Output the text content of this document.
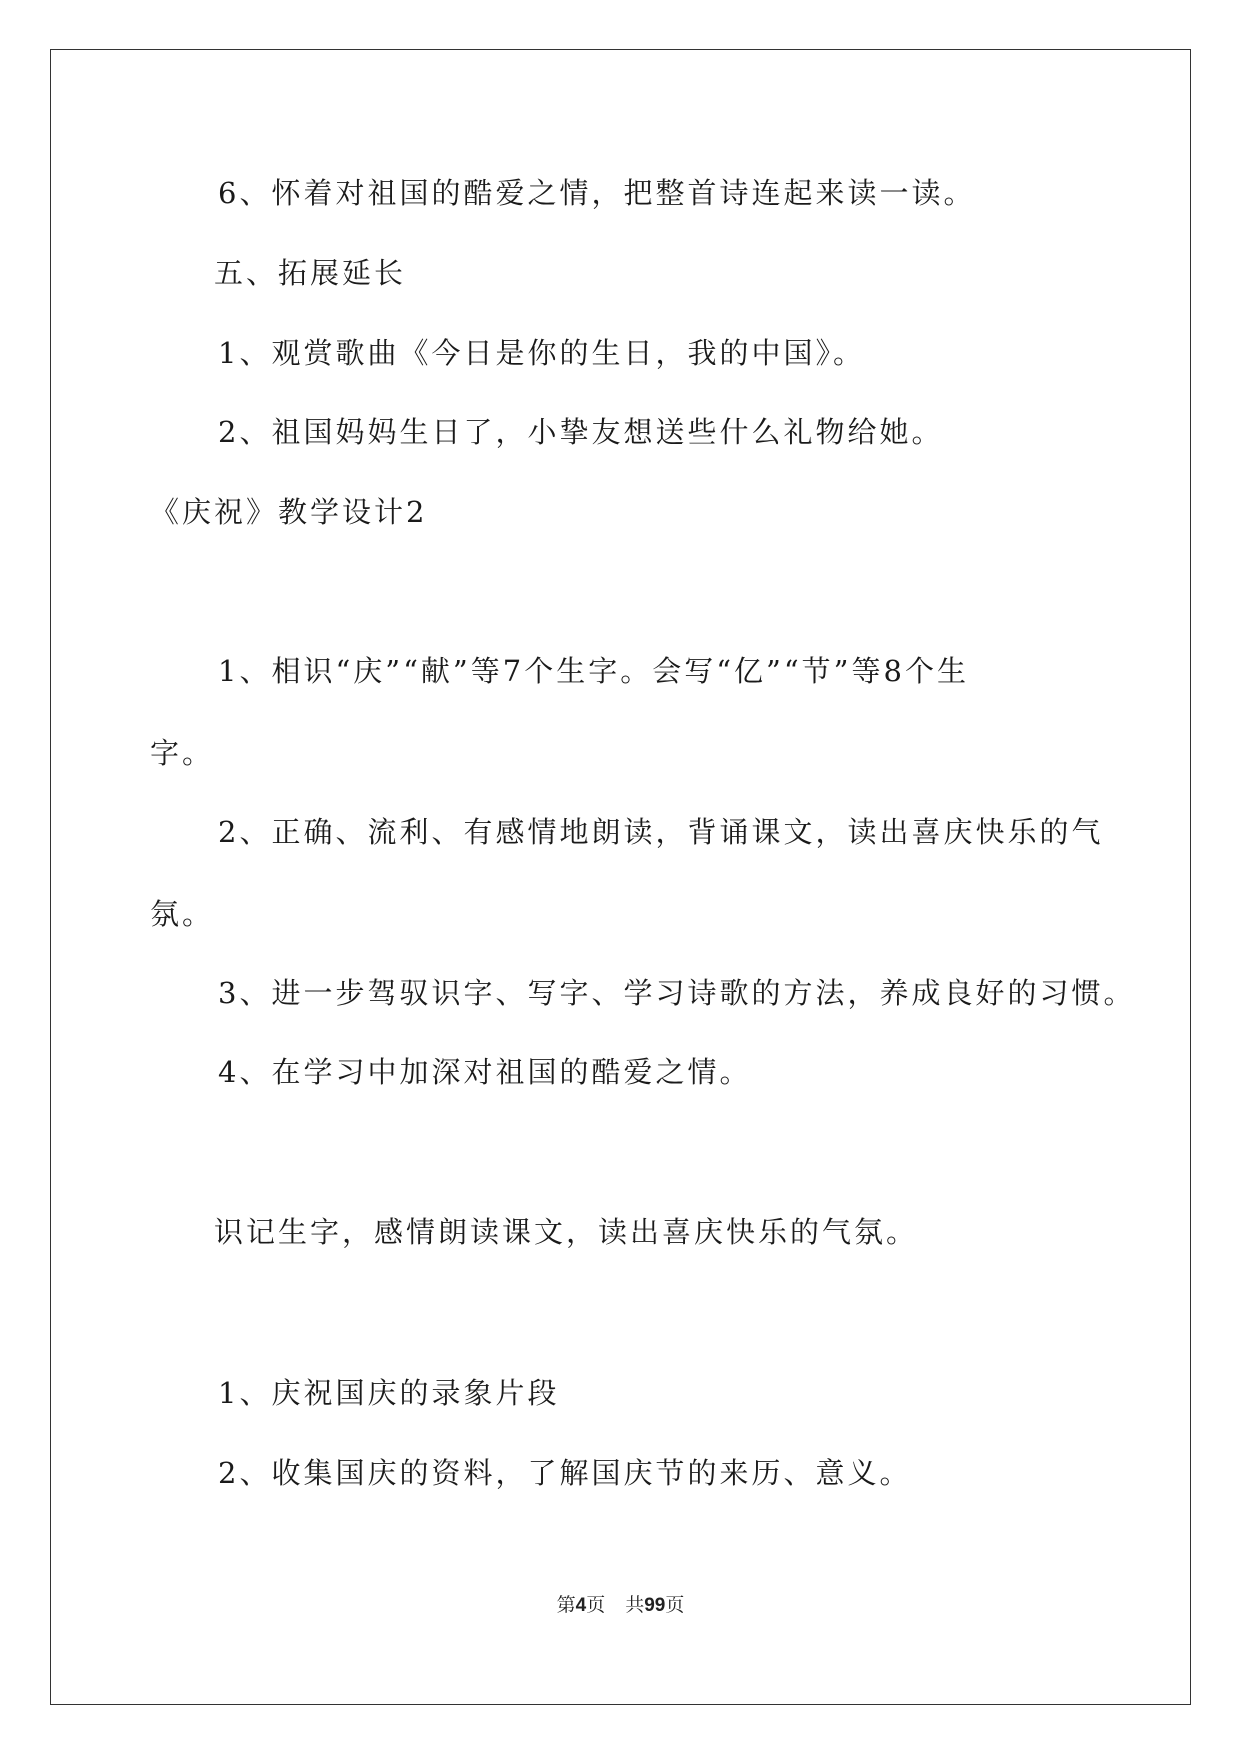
6、怀着对祖国的酷爱之情，把整首诗连起来读一读。
五、拓展延长
1、观赏歌曲《今日是你的生日，我的中国》。
2、祖国妈妈生日了，小挚友想送些什么礼物给她。
《庆祝》教学设计2
1、相识“庆”“献”等7个生字。会写“亿”“节”等8个生
字。
2、正确、流利、有感情地朗读，背诵课文，读出喜庆快乐的气
氛。
3、进一步驾驭识字、写字、学习诗歌的方法，养成良好的习惯。
4、在学习中加深对祖国的酷爱之情。
识记生字，感情朗读课文，读出喜庆快乐的气氛。
1、庆祝国庆的录象片段
2、收集国庆的资料，了解国庆节的来历、意义。
第4页 共99页
